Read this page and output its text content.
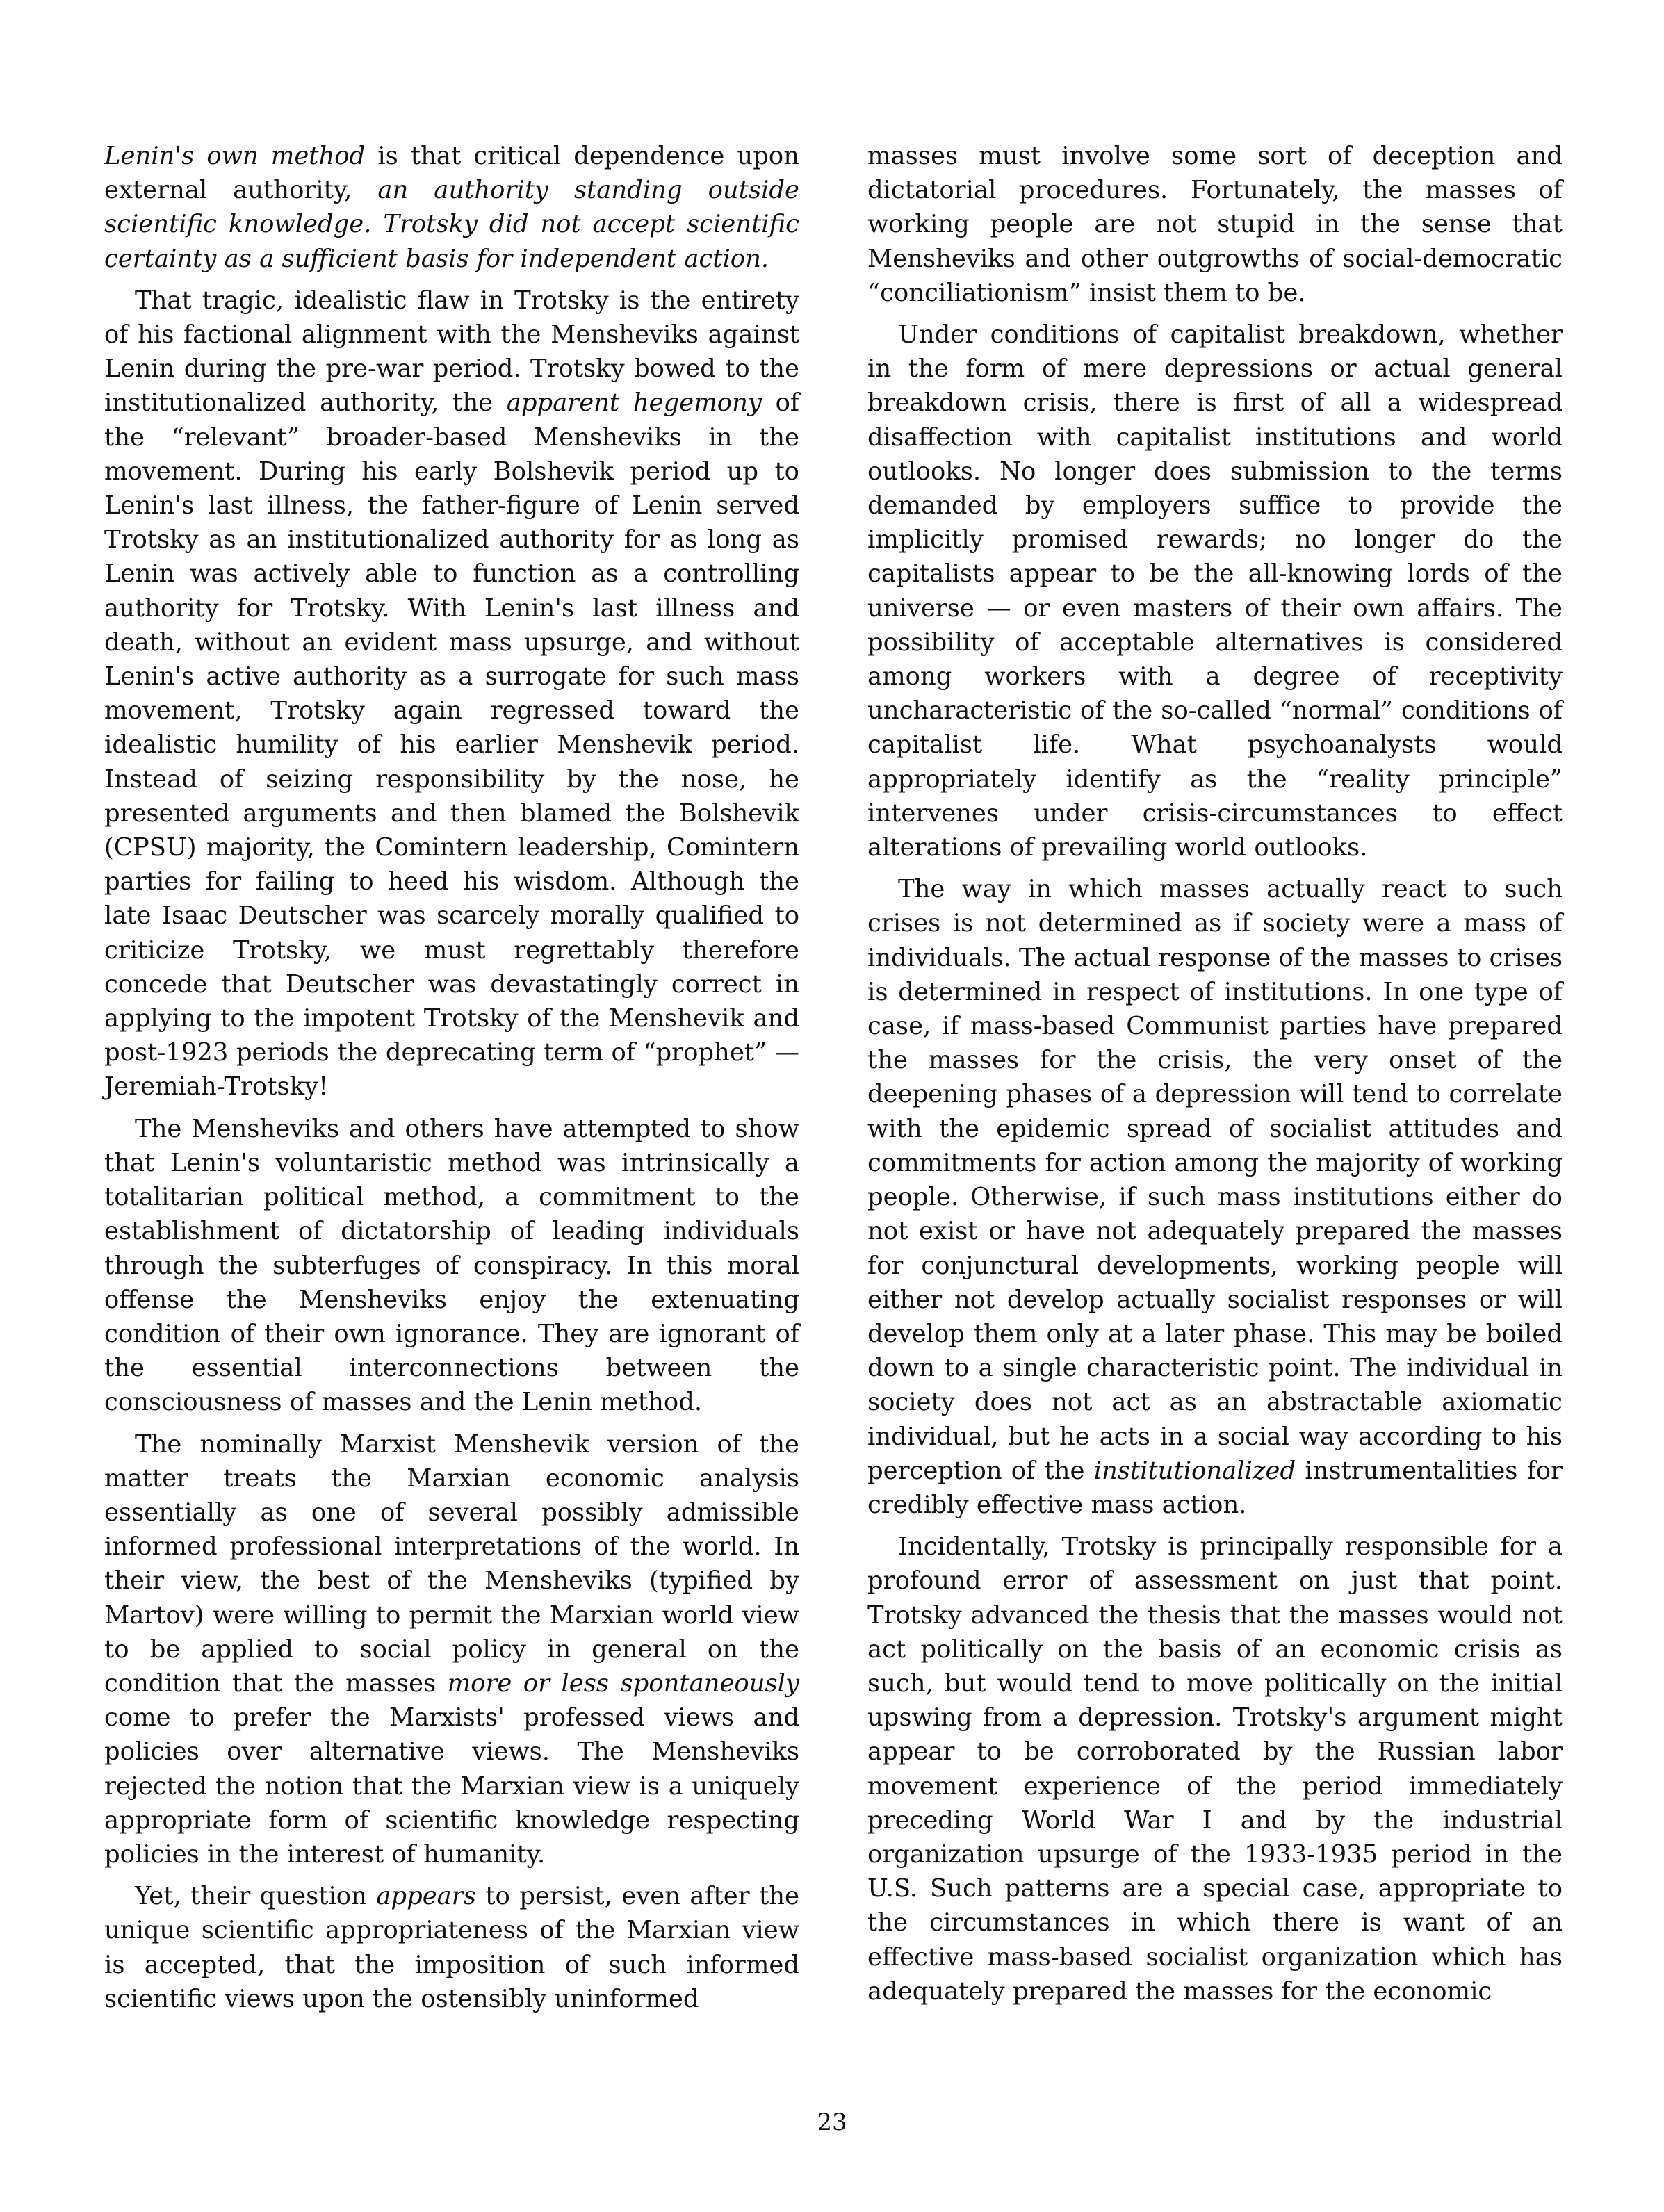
Lenin's own method is that critical dependence upon external authority, an authority standing outside scientific knowledge. Trotsky did not accept scientific certainty as a sufficient basis for independent action.

That tragic, idealistic flaw in Trotsky is the entirety of his factional alignment with the Mensheviks against Lenin during the pre-war period. Trotsky bowed to the institutionalized authority, the apparent hegemony of the “relevant” broader-based Mensheviks in the movement. During his early Bolshevik period up to Lenin's last illness, the father-figure of Lenin served Trotsky as an institutionalized authority for as long as Lenin was actively able to function as a controlling authority for Trotsky. With Lenin's last illness and death, without an evident mass upsurge, and without Lenin's active authority as a surrogate for such mass movement, Trotsky again regressed toward the idealistic humility of his earlier Menshevik period. Instead of seizing responsibility by the nose, he presented arguments and then blamed the Bolshevik (CPSU) majority, the Comintern leadership, Comintern parties for failing to heed his wisdom. Although the late Isaac Deutscher was scarcely morally qualified to criticize Trotsky, we must regrettably therefore concede that Deutscher was devastatingly correct in applying to the impotent Trotsky of the Menshevik and post-1923 periods the deprecating term of “prophet” — Jeremiah-Trotsky!

The Mensheviks and others have attempted to show that Lenin's voluntaristic method was intrinsically a totalitarian political method, a commitment to the establishment of dictatorship of leading individuals through the subterfuges of conspiracy. In this moral offense the Mensheviks enjoy the extenuating condition of their own ignorance. They are ignorant of the essential interconnections between the consciousness of masses and the Lenin method.

The nominally Marxist Menshevik version of the matter treats the Marxian economic analysis essentially as one of several possibly admissible informed professional interpretations of the world. In their view, the best of the Mensheviks (typified by Martov) were willing to permit the Marxian world view to be applied to social policy in general on the condition that the masses more or less spontaneously come to prefer the Marxists' professed views and policies over alternative views. The Mensheviks rejected the notion that the Marxian view is a uniquely appropriate form of scientific knowledge respecting policies in the interest of humanity.

Yet, their question appears to persist, even after the unique scientific appropriateness of the Marxian view is accepted, that the imposition of such informed scientific views upon the ostensibly uninformed

masses must involve some sort of deception and dictatorial procedures. Fortunately, the masses of working people are not stupid in the sense that Mensheviks and other outgrowths of social-democratic “conciliationism” insist them to be.

Under conditions of capitalist breakdown, whether in the form of mere depressions or actual general breakdown crisis, there is first of all a widespread disaffection with capitalist institutions and world outlooks. No longer does submission to the terms demanded by employers suffice to provide the implicitly promised rewards; no longer do the capitalists appear to be the all-knowing lords of the universe — or even masters of their own affairs. The possibility of acceptable alternatives is considered among workers with a degree of receptivity uncharacteristic of the so-called “normal” conditions of capitalist life. What psychoanalysts would appropriately identify as the “reality principle” intervenes under crisis-circumstances to effect alterations of prevailing world outlooks.

The way in which masses actually react to such crises is not determined as if society were a mass of individuals. The actual response of the masses to crises is determined in respect of institutions. In one type of case, if mass-based Communist parties have prepared the masses for the crisis, the very onset of the deepening phases of a depression will tend to correlate with the epidemic spread of socialist attitudes and commitments for action among the majority of working people. Otherwise, if such mass institutions either do not exist or have not adequately prepared the masses for conjunctural developments, working people will either not develop actually socialist responses or will develop them only at a later phase. This may be boiled down to a single characteristic point. The individual in society does not act as an abstractable axiomatic individual, but he acts in a social way according to his perception of the institutionalized instrumentalities for credibly effective mass action.

Incidentally, Trotsky is principally responsible for a profound error of assessment on just that point. Trotsky advanced the thesis that the masses would not act politically on the basis of an economic crisis as such, but would tend to move politically on the initial upswing from a depression. Trotsky's argument might appear to be corroborated by the Russian labor movement experience of the period immediately preceding World War I and by the industrial organization upsurge of the 1933-1935 period in the U.S. Such patterns are a special case, appropriate to the circumstances in which there is want of an effective mass-based socialist organization which has adequately prepared the masses for the economic

23
